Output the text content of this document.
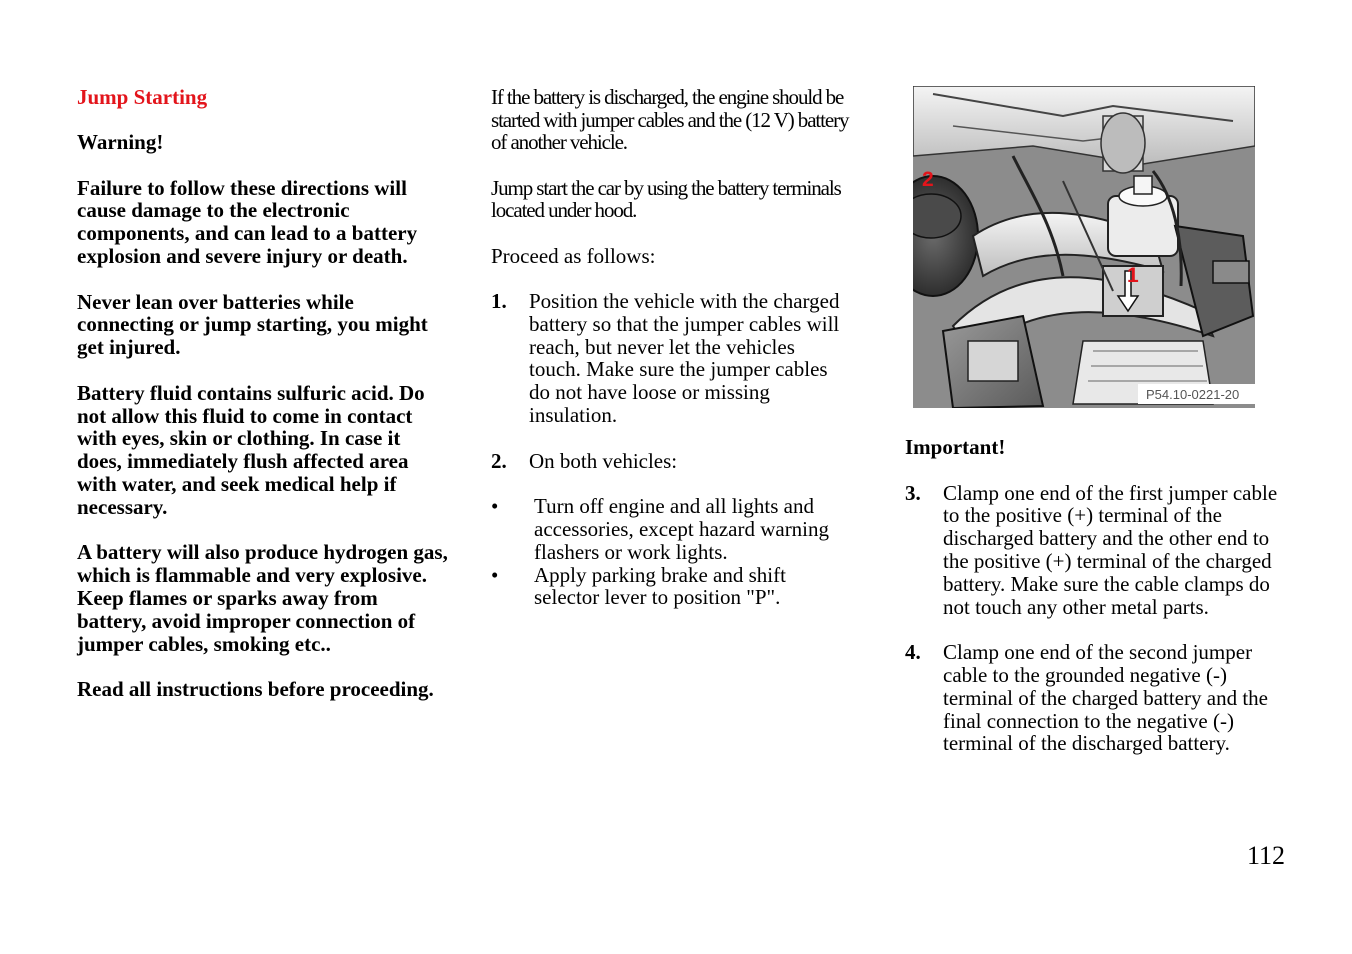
Jump Starting
Warning!
Failure to follow these directions will cause damage to the electronic components, and can lead to a battery explosion and severe injury or death.
Never lean over batteries while connecting or jump starting, you might get injured.
Battery fluid contains sulfuric acid. Do not allow this fluid to come in contact with eyes, skin or clothing. In case it does, immediately flush affected area with water, and seek medical help if necessary.
A battery will also produce hydrogen gas, which is flammable and very explosive. Keep flames or sparks away from battery, avoid improper connection of jumper cables, smoking etc..
Read all instructions before proceeding.
If the battery is discharged, the engine should be started with jumper cables and the (12 V) battery of another vehicle.
Jump start the car by using the battery terminals located under hood.
Proceed as follows:
1.	Position the vehicle with the charged battery so that the jumper cables will reach, but never let the vehicles touch. Make sure the jumper cables do not have loose or missing insulation.
2.	On both vehicles:
•	Turn off engine and all lights and accessories, except hazard warning flashers or work lights.
•	Apply parking brake and shift selector lever to position "P".
2
1
P54.10-0221-20
Important!
3.	Clamp one end of the first jumper cable to the positive (+) terminal of the discharged battery and the other end to the positive (+) terminal of the charged battery. Make sure the cable clamps do not touch any other metal parts.
4.	Clamp one end of the second jumper cable to the grounded negative (-) terminal of the charged battery and the final connection to the negative (-) terminal of the discharged battery.
112
